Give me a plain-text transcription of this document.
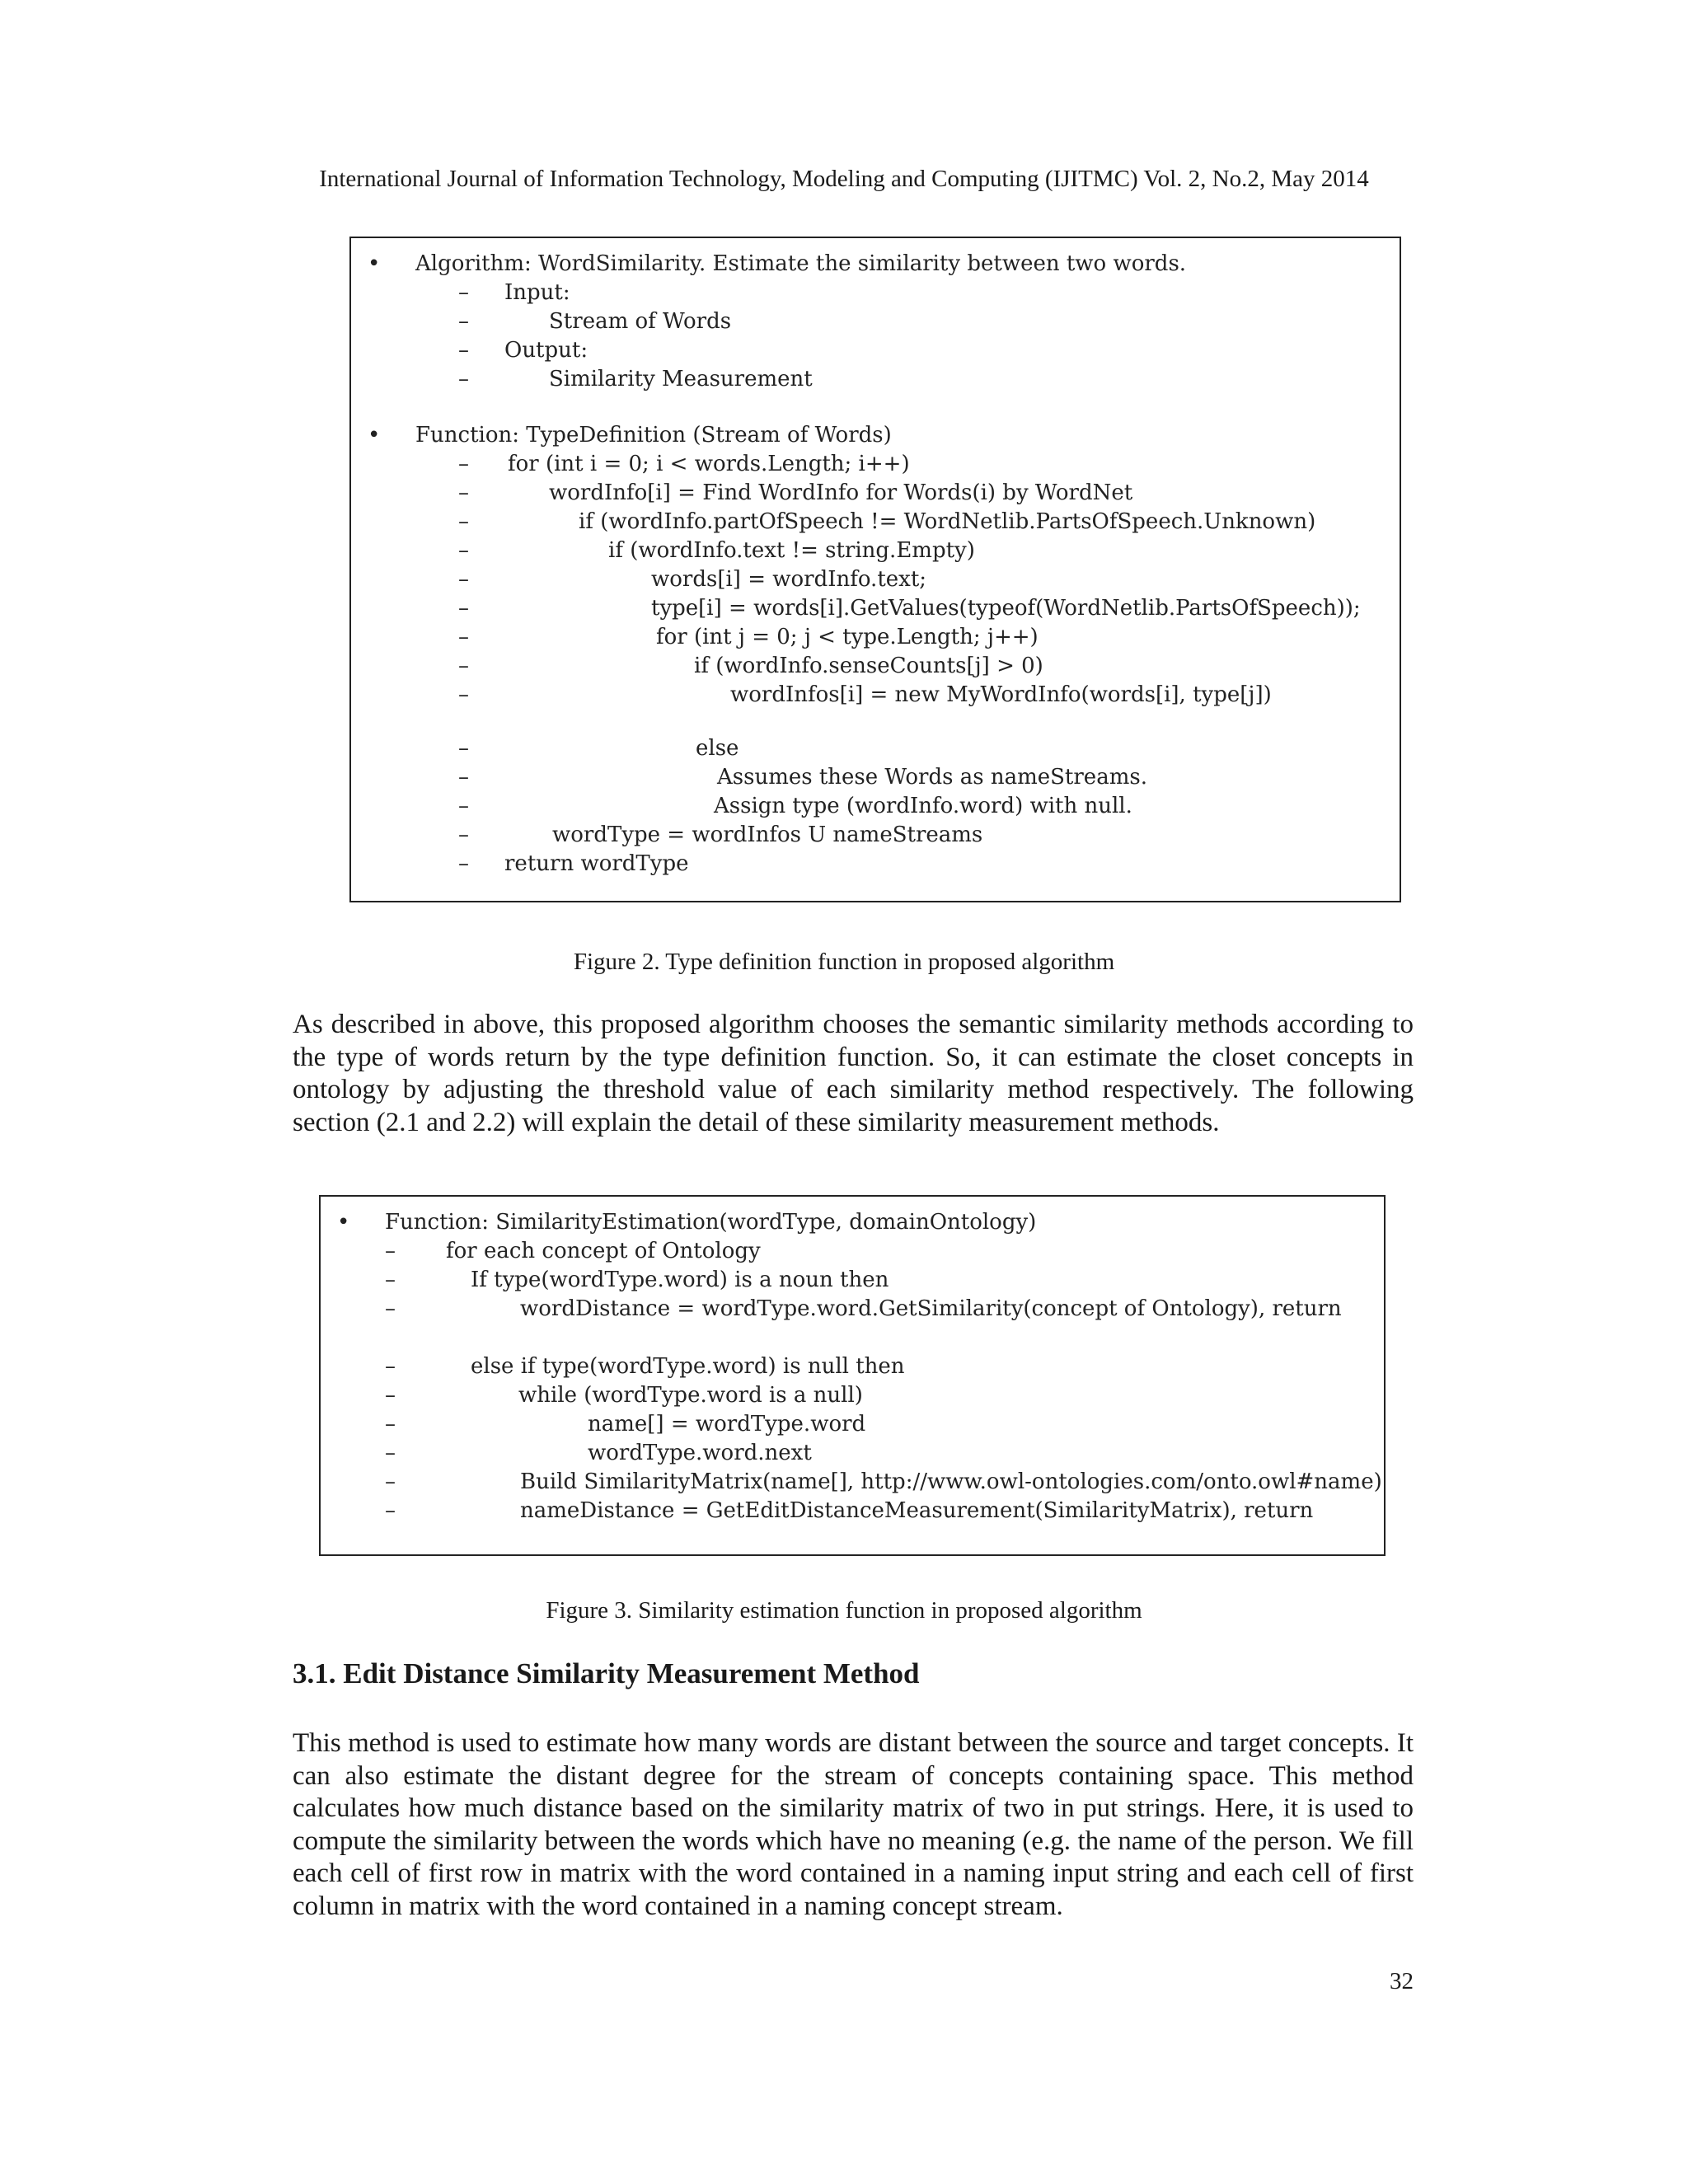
International Journal of Information Technology, Modeling and Computing (IJITMC) Vol. 2, No.2, May 2014
• Algorithm: WordSimilarity. Estimate the similarity between two words.
– Input:
–	Stream of Words
– Output:
–	Similarity Measurement
• Function: TypeDefinition (Stream of Words)
– for (int i = 0; i < words.Length; i++)
–	wordInfo[i] = Find WordInfo for Words(i) by WordNet
–	if (wordInfo.partOfSpeech != WordNetlib.PartsOfSpeech.Unknown)
–	if (wordInfo.text != string.Empty)
–	words[i] = wordInfo.text;
–	type[i] = words[i].GetValues(typeof(WordNetlib.PartsOfSpeech));
–	for (int j = 0; j < type.Length; j++)
–	if (wordInfo.senseCounts[j] > 0)
–	wordInfos[i] = new MyWordInfo(words[i], type[j])
–	else
–	Assumes these Words as nameStreams.
–	Assign type (wordInfo.word) with null.
–	wordType = wordInfos U nameStreams
– return wordType
Figure 2. Type definition function in proposed algorithm

As described in above, this proposed algorithm chooses the semantic similarity methods according to the type of words return by the type definition function. So, it can estimate the closet concepts in ontology by adjusting the threshold value of each similarity method respectively. The following section (2.1 and 2.2) will explain the detail of these similarity measurement methods.

• Function: SimilarityEstimation(wordType, domainOntology)
– for each concept of Ontology
–	If type(wordType.word) is a noun then
–	wordDistance = wordType.word.GetSimilarity(concept of Ontology), return
–	else if type(wordType.word) is null then
–	while (wordType.word is a null)
–	name[] = wordType.word
–	wordType.word.next
–	Build SimilarityMatrix(name[], http://www.owl-ontologies.com/onto.owl#name)
–	nameDistance = GetEditDistanceMeasurement(SimilarityMatrix), return
Figure 3. Similarity estimation function in proposed algorithm
3.1. Edit Distance Similarity Measurement Method

This method is used to estimate how many words are distant between the source and target concepts. It can also estimate the distant degree for the stream of concepts containing space. This method calculates how much distance based on the similarity matrix of two in put strings. Here, it is used to compute the similarity between the words which have no meaning (e.g. the name of the person. We fill each cell of first row in matrix with the word contained in a naming input string and each cell of first column in matrix with the word contained in a naming concept stream.

32
